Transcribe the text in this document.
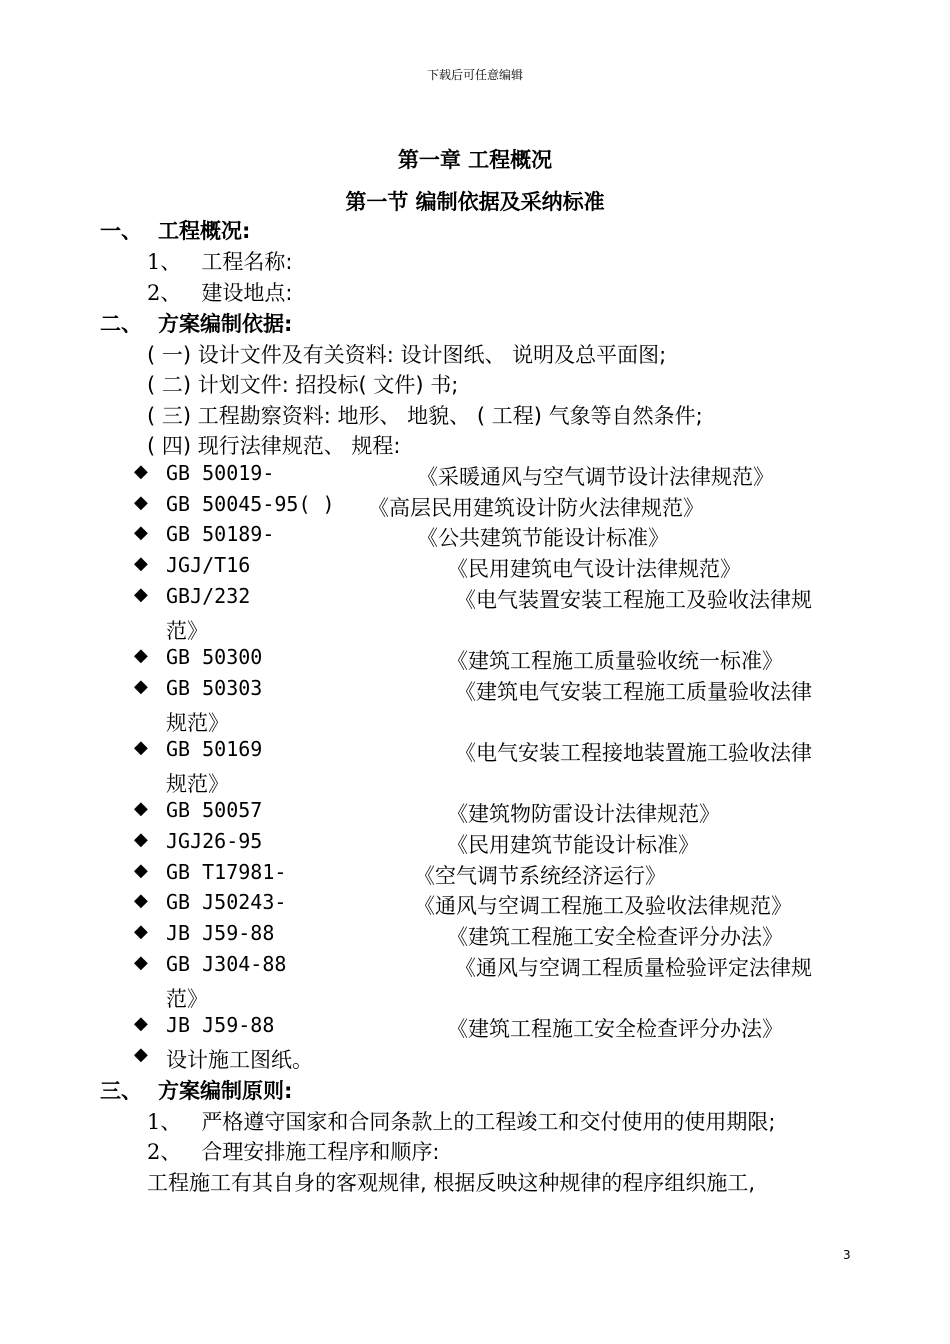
下载后可任意编辑
第一章 工程概况
第一节 编制依据及采纳标准
一、 工程概况:
1、 工程名称:
2、 建设地点:
二、 方案编制依据:
( 一) 设计文件及有关资料: 设计图纸、 说明及总平面图;
( 二) 计划文件: 招投标( 文件) 书;
( 三) 工程勘察资料: 地形、 地貌、 ( 工程) 气象等自然条件;
( 四) 现行法律规范、 规程:
◆ GB 50019-	《采暖通风与空气调节设计法律规范》
◆ GB 50045-95( ) 《高层民用建筑设计防火法律规范》
◆ GB 50189-	《公共建筑节能设计标准》
◆ JGJ/T16	《民用建筑电气设计法律规范》
◆ GBJ/232	《电气装置安装工程施工及验收法律规
范》
◆ GB 50300	《建筑工程施工质量验收统一标准》
◆ GB 50303	《建筑电气安装工程施工质量验收法律
规范》
◆ GB 50169	《电气安装工程接地装置施工验收法律
规范》
◆ GB 50057	《建筑物防雷设计法律规范》
◆ JGJ26-95	《民用建筑节能设计标准》
◆ GB T17981-	《空气调节系统经济运行》
◆ GB J50243-	《通风与空调工程施工及验收法律规范》
◆ JB J59-88	《建筑工程施工安全检查评分办法》
◆ GB J304-88	《通风与空调工程质量检验评定法律规
范》
◆ JB J59-88	《建筑工程施工安全检查评分办法》
◆ 设计施工图纸。
三、 方案编制原则:
1、 严格遵守国家和合同条款上的工程竣工和交付使用的使用期限;
2、 合理安排施工程序和顺序:
工程施工有其自身的客观规律, 根据反映这种规律的程序组织施工,
3
